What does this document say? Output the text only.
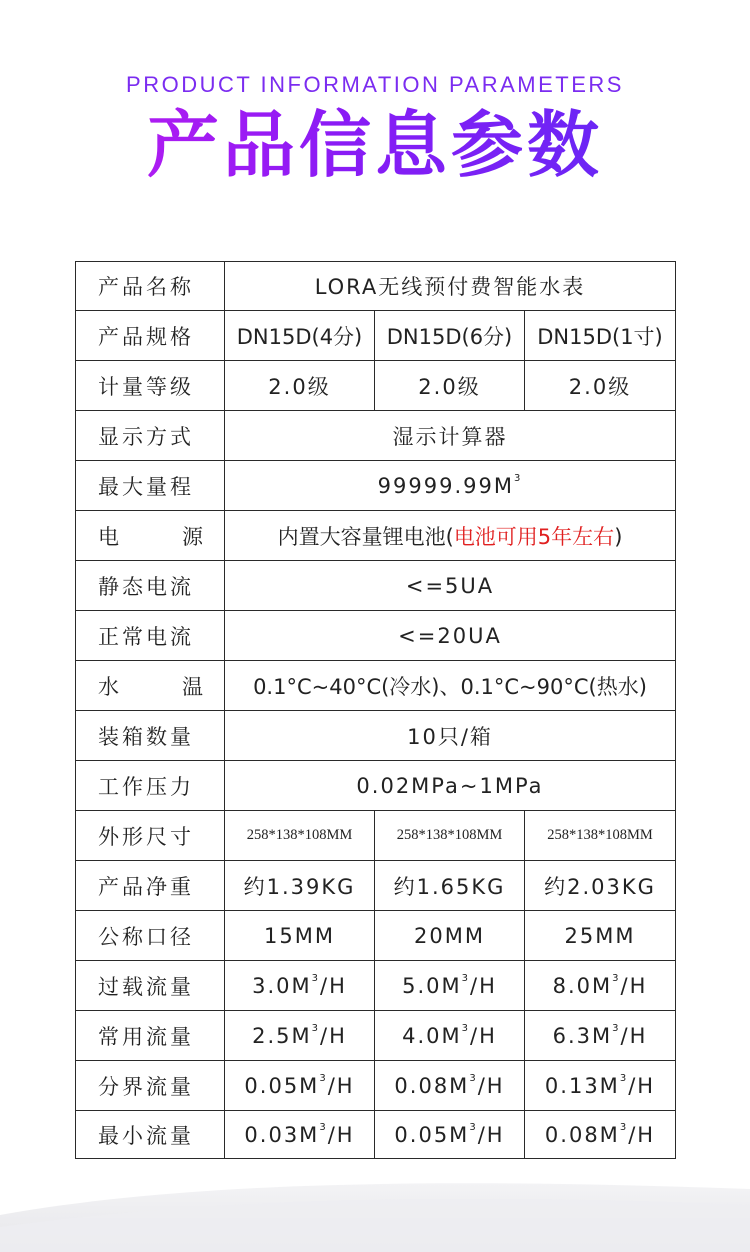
PRODUCT INFORMATION PARAMETERS
产品信息参数
产品名称	LORA无线预付费智能水表		
产品规格	DN15D(4分)	DN15D(6分)	DN15D(1寸)
计量等级	2.0级	2.0级	2.0级
显示方式	湿示计算器		
最大量程	$99999.99M^3$
电 源	内置大容量锂电池(电池可用5年左右)		
静态电流	<=5UA		
正常电流	<=20UA		
水 温	0.1°C~40°C(冷水)、0.1°C~90°C(热水)		
装箱数量	10只/箱		
工作压力	0.02MPa~1MPa		
外形尺寸	258*138*108MM	258*138*108MM	258*138*108MM
产品净重	约1.39KG	约1.65KG	约2.03KG
公称口径	15MM	20MM	25MM
过载流量	$3.0M^3/H$	$5.0M^3/H$	$8.0M^3/H$
常用流量	$2.5M^3/H$	$4.0M^3/H$	$6.3M^3/H$
分界流量	$0.05M^3/H$	$0.08M^3/H$	$0.13M^3/H$
最小流量	$0.03M^3/H$	$0.05M^3/H$	$0.08M^3/H$
